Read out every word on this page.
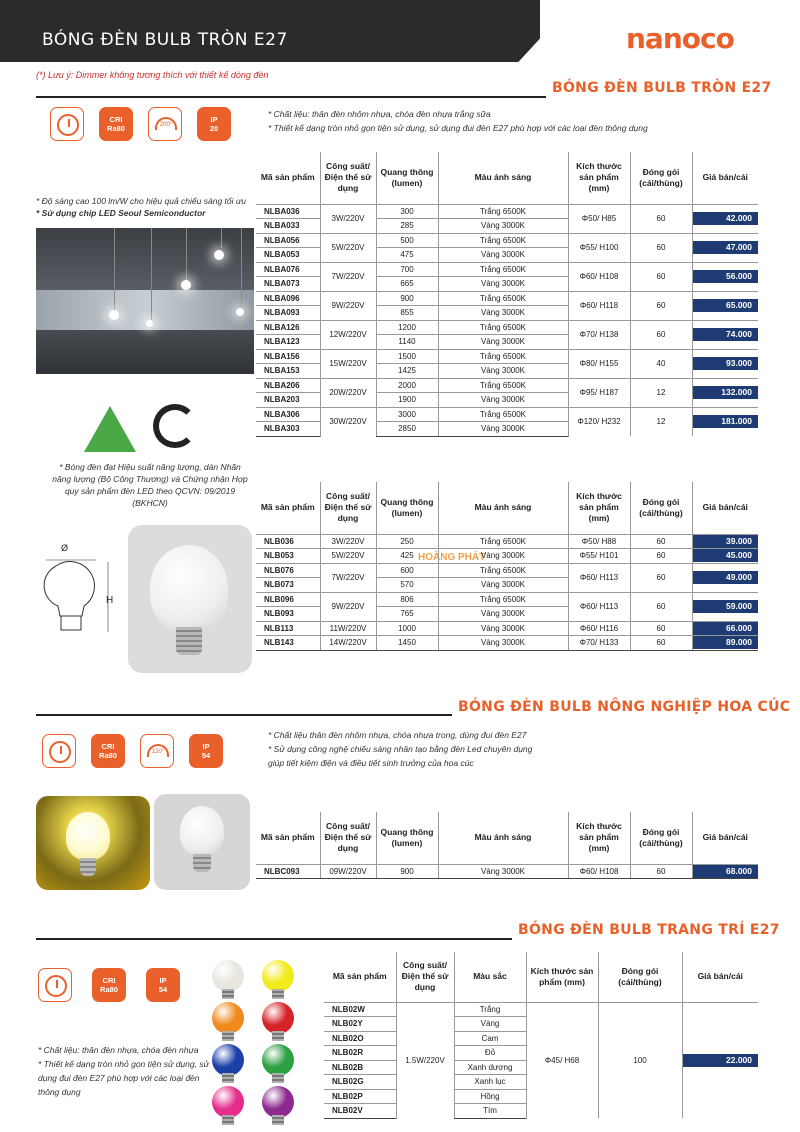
BÓNG ĐÈN BULB TRÒN E27	nanoco
(*) Lưu ý: Dimmer không tương thích với thiết kế dòng đèn
BÓNG ĐÈN BULB TRÒN E27
CRI
Ra80	200°
IP
20
* Chất liệu: thân đèn nhôm nhựa, chóa đèn nhựa trắng sữa
* Thiết kế dạng tròn nhỏ gọn tiện sử dụng, sử dụng đui đèn E27 phù hợp với các loại đèn thông dụng
* Độ sáng cao 100 lm/W cho hiệu quả chiếu sáng tối ưu
* Sử dụng chip LED Seoul Semiconductor
* Bóng đèn đạt Hiệu suất năng lượng, dán Nhãn năng lượng (Bộ Công Thương) và Chứng nhận Hợp quy sản phẩm đèn LED theo QCVN: 09/2019 (BKHCN)
Ø
H
Mã sản phẩm	Công suất/ Điện thế sử dụng	Quang thông (lumen)	Màu ánh sáng	Kích thước sản phẩm (mm)	Đóng gói (cái/thùng)	Giá bán/cái
NLBA036	3W/220V	300	Trắng 6500K	Φ50/ H85	60	42.000
NLBA033		285	Vàng 3000K			
NLBA056	5W/220V	500	Trắng 6500K	Φ55/ H100	60	47.000
NLBA053		475	Vàng 3000K			
NLBA076	7W/220V	700	Trắng 6500K	Φ60/ H108	60	56.000
NLBA073		665	Vàng 3000K			
NLBA096	9W/220V	900	Trắng 6500K	Φ60/ H118	60	65.000
NLBA093		855	Vàng 3000K			
NLBA126	12W/220V	1200	Trắng 6500K	Φ70/ H138	60	74.000
NLBA123		1140	Vàng 3000K			
NLBA156	15W/220V	1500	Trắng 6500K	Φ80/ H155	40	93.000
NLBA153		1425	Vàng 3000K			
NLBA206	20W/220V	2000	Trắng 6500K	Φ95/ H187	12	132.000
NLBA203		1900	Vàng 3000K			
NLBA306	30W/220V	3000	Trắng 6500K	Φ120/ H232	12	181.000
NLBA303		2850	Vàng 3000K			
HOÀNG PHÁT
Mã sản phẩm	Công suất/ Điện thế sử dụng	Quang thông (lumen)	Màu ánh sáng	Kích thước sản phẩm (mm)	Đóng gói (cái/thùng)	Giá bán/cái
NLB036	3W/220V	250	Trắng 6500K	Φ50/ H88	60	39.000
NLB053	5W/220V	425	Vàng 3000K	Φ55/ H101	60	45.000
NLB076	7W/220V	600	Trắng 6500K	Φ60/ H113	60	49.000
NLB073		570	Vàng 3000K			
NLB096	9W/220V	806	Trắng 6500K	Φ60/ H113	60	59.000
NLB093		765	Vàng 3000K			
NLB113	11W/220V	1000	Vàng 3000K	Φ60/ H116	60	66.000
NLB143	14W/220V	1450	Vàng 3000K	Φ70/ H133	60	89.000
BÓNG ĐÈN BULB NÔNG NGHIỆP HOA CÚC
CRI
Ra80	120°
IP
54
* Chất liệu thân đèn nhôm nhựa, chóa nhựa trong, dùng đui đèn E27
* Sử dụng công nghệ chiếu sáng nhân tạo bằng đèn Led chuyên dụng
giúp tiết kiệm điện và điều tiết sinh trưởng của hoa cúc
Mã sản phẩm	Công suất/ Điện thế sử dụng	Quang thông (lumen)	Màu ánh sáng	Kích thước sản phẩm (mm)	Đóng gói (cái/thùng)	Giá bán/cái
NLBC093	09W/220V	900	Vàng 3000K	Φ60/ H108	60	68.000
BÓNG ĐÈN BULB TRANG TRÍ E27
CRI
Ra80
IP
54
* Chất liệu: thân đèn nhựa, chóa đèn nhựa
* Thiết kế dạng tròn nhỏ gọn tiện sử dụng, sử dụng đui đèn E27 phù hợp với các loại đèn thông dụng
Mã sản phẩm	Công suất/ Điện thế sử dụng	Màu sắc	Kích thước sản phẩm (mm)	Đóng gói (cái/thùng)	Giá bán/cái
NLB02W	1.5W/220V	Trắng	Φ45/ H68	100	22.000
NLB02Y		Vàng			
NLB02O		Cam			
NLB02R		Đỏ			
NLB02B		Xanh dương			
NLB02G		Xanh lục			
NLB02P		Hồng			
NLB02V		Tím			
